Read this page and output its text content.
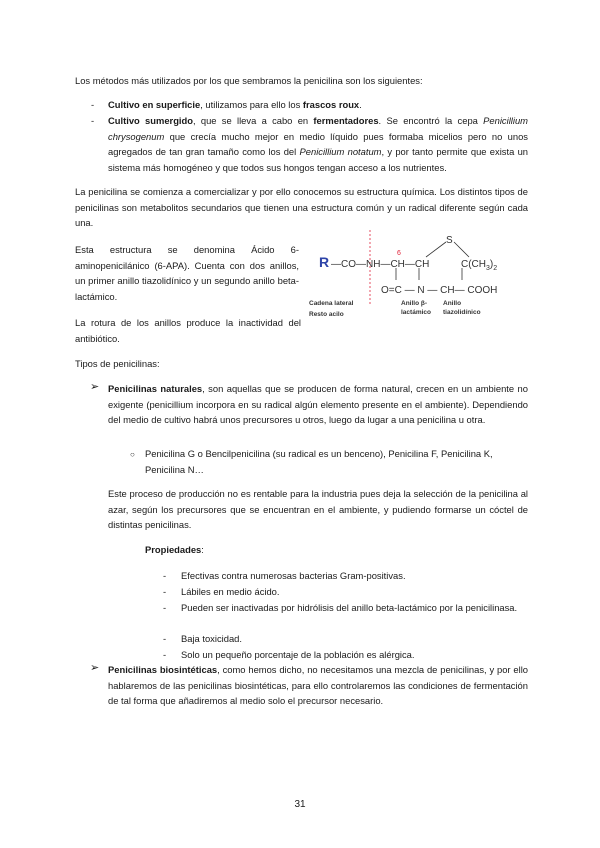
Los métodos más utilizados por los que sembramos la penicilina son los siguientes:

-	Cultivo en superficie, utilizamos para ello los frascos roux.

-	Cultivo sumergido, que se lleva a cabo en fermentadores. Se encontró la cepa Penicillium chrysogenum que crecía mucho mejor en medio líquido pues formaba micelios pero no unos agregados de tan gran tamaño como los del Penicillium notatum, y por tanto permite que exista un sistema más homogéneo y que todos sus hongos tengan acceso a los nutrientes.

La penicilina se comienza a comercializar y por ello conocemos su estructura química. Los distintos tipos de penicilinas son metabolitos secundarios que tienen una estructura común y un radical diferente según cada una.

Esta estructura se denomina Ácido 6-aminopenicilánico (6-APA). Cuenta con dos anillos, un primer anillo tiazolidínico y un segundo anillo beta-lactámico.

S
6
R —CO—NH—CH—CH	$C(CH_3)_2$
O=C — N — CH— COOH
Cadena lateral
Resto acilo
Anillo β-
lactámico
Anillo
tiazolidínico

La rotura de los anillos produce la inactividad del antibiótico.

Tipos de penicilinas:

➢ Penicilinas naturales, son aquellas que se producen de forma natural, crecen en un ambiente no exigente (penicillium incorpora en su radical algún elemento presente en el ambiente). Dependiendo del medio de cultivo habrá unos precursores u otros, luego da lugar a una penicilina u otra.

○ Penicilina G o Bencilpenicilina (su radical es un benceno), Penicilina F, Penicilina K, Penicilina N…

Este proceso de producción no es rentable para la industria pues deja la selección de la penicilina al azar, según los precursores que se encuentran en el ambiente, y pudiendo formarse un cóctel de distintas penicilinas.

Propiedades:

-	Efectivas contra numerosas bacterias Gram-positivas.

-	Lábiles en medio ácido.

-	Pueden ser inactivadas por hidrólisis del anillo beta-lactámico por la penicilinasa.

-	Baja toxicidad.

-	Solo un pequeño porcentaje de la población es alérgica.

➢ Penicilinas biosintéticas, como hemos dicho, no necesitamos una mezcla de penicilinas, y por ello hablaremos de las penicilinas biosintéticas, para ello controlaremos las condiciones de fermentación de tal forma que añadiremos al medio solo el precursor necesario.

31
